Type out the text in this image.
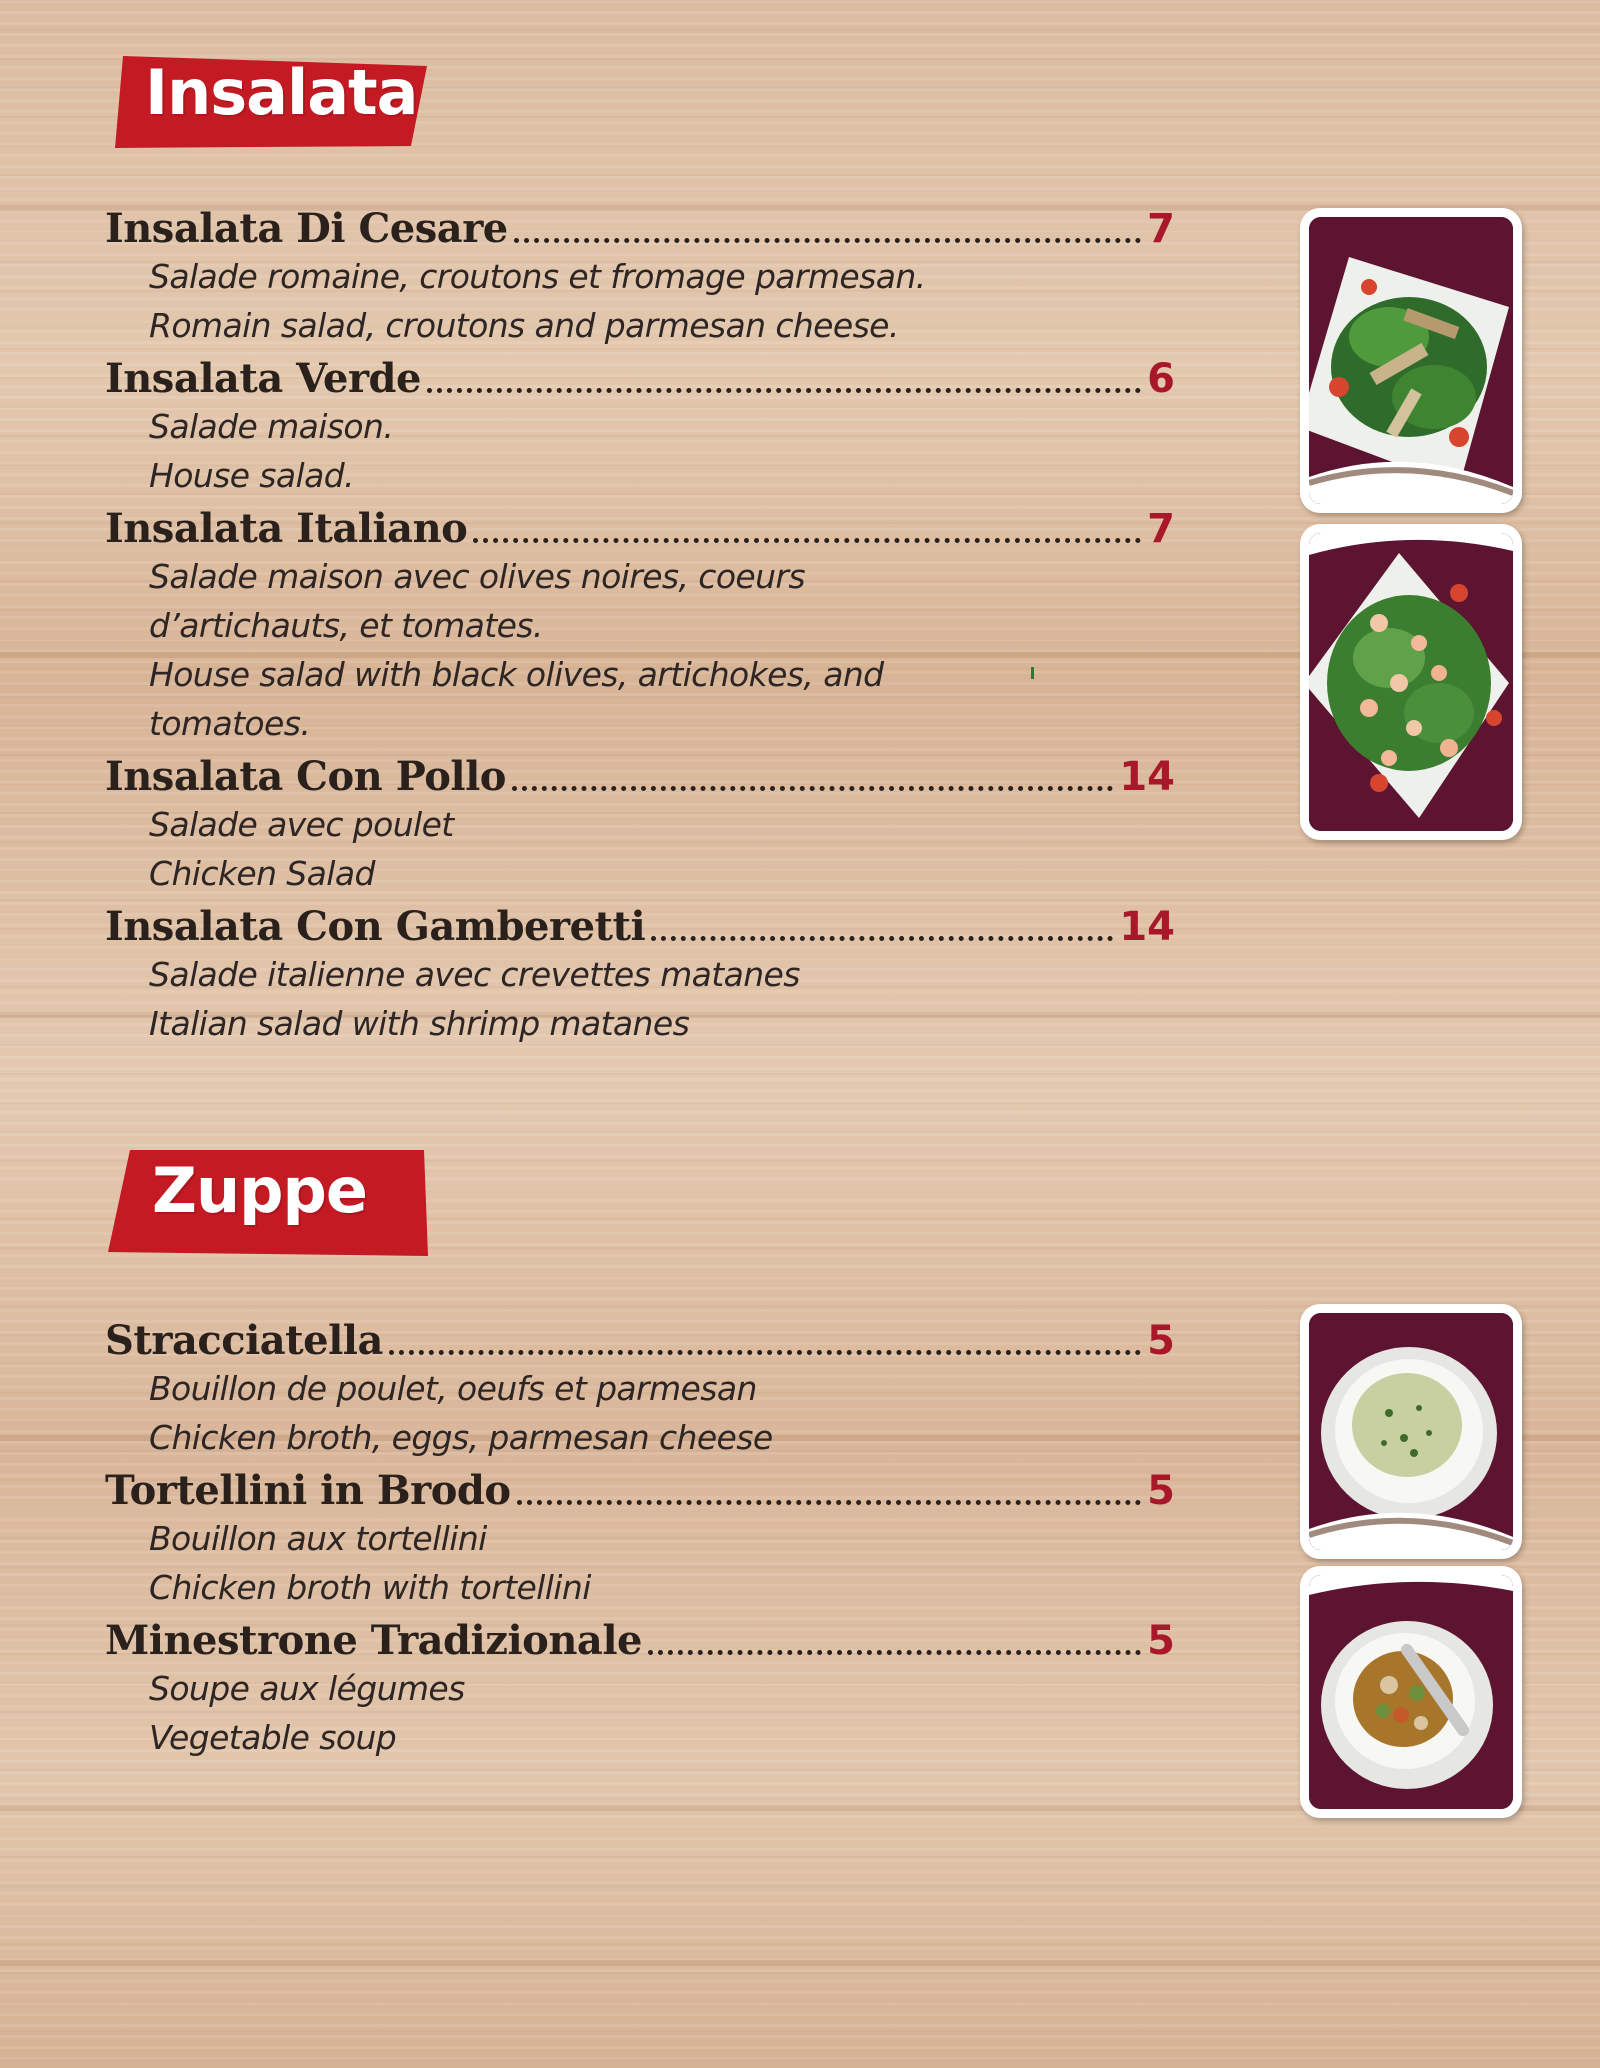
Insalata
Insalata Di Cesare	7
Salade romaine, croutons et fromage parmesan.
Romain salad, croutons and parmesan cheese.
Insalata Verde	6
Salade maison.
House salad.
Insalata Italiano	7
Salade maison avec olives noires, coeurs
d’artichauts, et tomates.
House salad with black olives, artichokes, and
tomatoes.
Insalata Con Pollo	14
Salade avec poulet
Chicken Salad
Insalata Con Gamberetti	14
Salade italienne avec crevettes matanes
Italian salad with shrimp matanes
Zuppe
Stracciatella	5
Bouillon de poulet, oeufs et parmesan
Chicken broth, eggs, parmesan cheese
Tortellini in Brodo	5
Bouillon aux tortellini
Chicken broth with tortellini
Minestrone Tradizionale	5
Soupe aux légumes
Vegetable soup
